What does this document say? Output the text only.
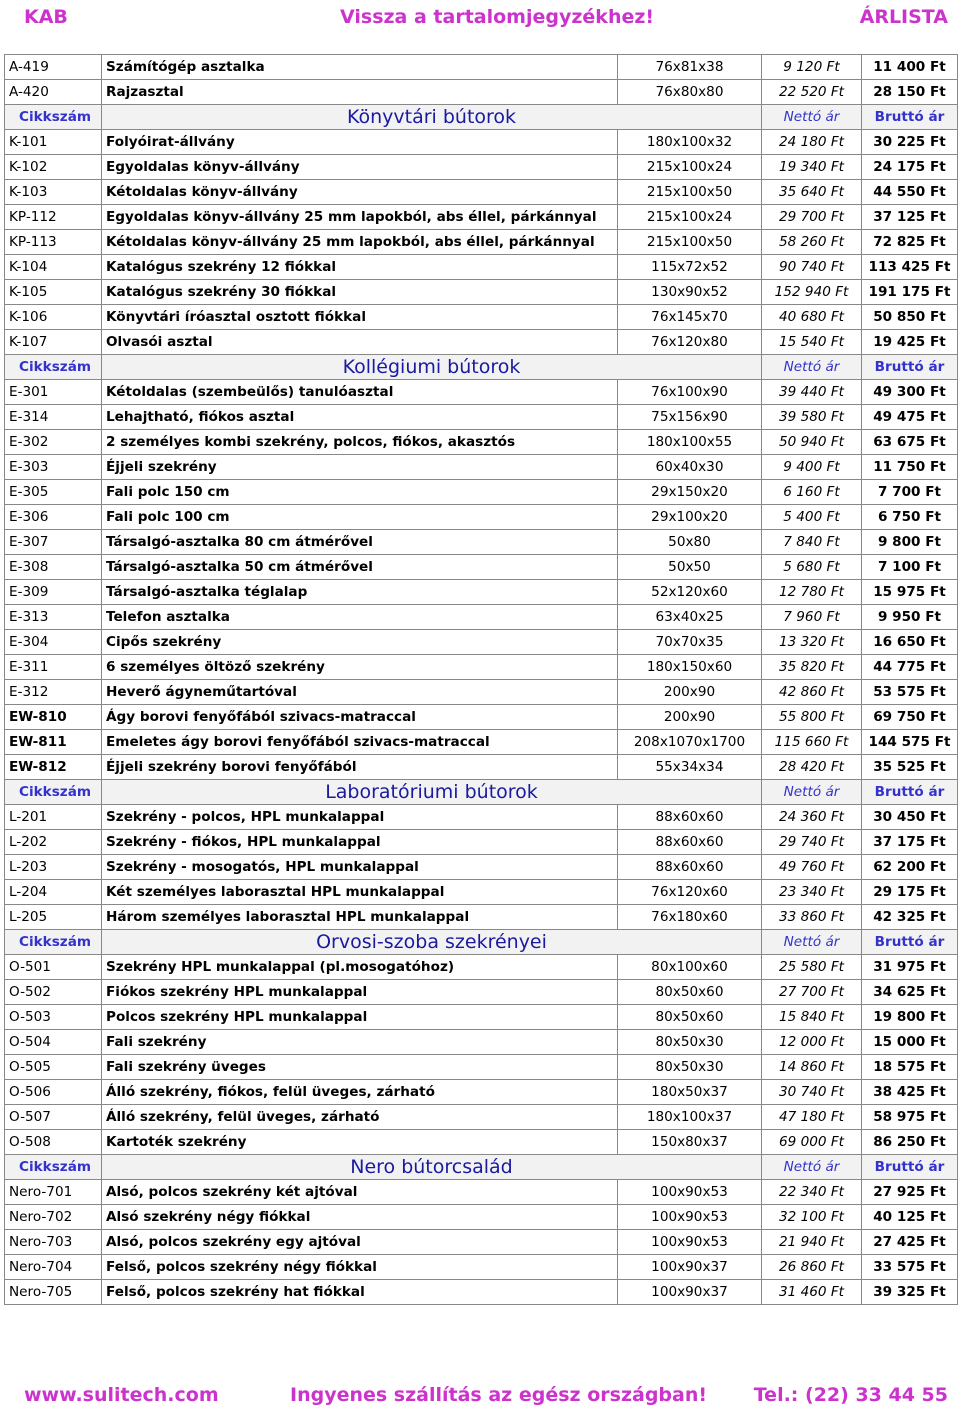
KAB	Vissza a tartalomjegyzékhez!	ÁRLISTA
A-419	Számítógép asztalka	76x81x38	9 120 Ft	11 400 Ft
A-420	Rajzasztal	76x80x80	22 520 Ft	28 150 Ft
Cikkszám	Könyvtári bútorok		Nettó ár	Bruttó ár
K-101	Folyóirat-állvány	180x100x32	24 180 Ft	30 225 Ft
K-102	Egyoldalas könyv-állvány	215x100x24	19 340 Ft	24 175 Ft
K-103	Kétoldalas könyv-állvány	215x100x50	35 640 Ft	44 550 Ft
KP-112	Egyoldalas könyv-állvány 25 mm lapokból, abs éllel, párkánnyal	215x100x24	29 700 Ft	37 125 Ft
KP-113	Kétoldalas könyv-állvány 25 mm lapokból, abs éllel, párkánnyal	215x100x50	58 260 Ft	72 825 Ft
K-104	Katalógus szekrény 12 fiókkal	115x72x52	90 740 Ft	113 425 Ft
K-105	Katalógus szekrény 30 fiókkal	130x90x52	152 940 Ft	191 175 Ft
K-106	Könyvtári íróasztal osztott fiókkal	76x145x70	40 680 Ft	50 850 Ft
K-107	Olvasói asztal	76x120x80	15 540 Ft	19 425 Ft
Cikkszám	Kollégiumi bútorok		Nettó ár	Bruttó ár
E-301	Kétoldalas (szembeülős) tanulóasztal	76x100x90	39 440 Ft	49 300 Ft
E-314	Lehajtható, fiókos asztal	75x156x90	39 580 Ft	49 475 Ft
E-302	2 személyes kombi szekrény, polcos, fiókos, akasztós	180x100x55	50 940 Ft	63 675 Ft
E-303	Éjjeli szekrény	60x40x30	9 400 Ft	11 750 Ft
E-305	Fali polc 150 cm	29x150x20	6 160 Ft	7 700 Ft
E-306	Fali polc 100 cm	29x100x20	5 400 Ft	6 750 Ft
E-307	Társalgó-asztalka 80 cm átmérővel	50x80	7 840 Ft	9 800 Ft
E-308	Társalgó-asztalka 50 cm átmérővel	50x50	5 680 Ft	7 100 Ft
E-309	Társalgó-asztalka téglalap	52x120x60	12 780 Ft	15 975 Ft
E-313	Telefon asztalka	63x40x25	7 960 Ft	9 950 Ft
E-304	Cipős szekrény	70x70x35	13 320 Ft	16 650 Ft
E-311	6 személyes öltöző szekrény	180x150x60	35 820 Ft	44 775 Ft
E-312	Heverő ágyneműtartóval	200x90	42 860 Ft	53 575 Ft
EW-810	Ágy borovi fenyőfából szivacs-matraccal	200x90	55 800 Ft	69 750 Ft
EW-811	Emeletes ágy borovi fenyőfából szivacs-matraccal	208x1070x1700	115 660 Ft	144 575 Ft
EW-812	Éjjeli szekrény borovi fenyőfából	55x34x34	28 420 Ft	35 525 Ft
Cikkszám	Laboratóriumi bútorok		Nettó ár	Bruttó ár
L-201	Szekrény - polcos, HPL munkalappal	88x60x60	24 360 Ft	30 450 Ft
L-202	Szekrény - fiókos, HPL munkalappal	88x60x60	29 740 Ft	37 175 Ft
L-203	Szekrény - mosogatós, HPL munkalappal	88x60x60	49 760 Ft	62 200 Ft
L-204	Két személyes laborasztal HPL munkalappal	76x120x60	23 340 Ft	29 175 Ft
L-205	Három személyes laborasztal HPL munkalappal	76x180x60	33 860 Ft	42 325 Ft
Cikkszám	Orvosi-szoba szekrényei		Nettó ár	Bruttó ár
O-501	Szekrény HPL munkalappal (pl.mosogatóhoz)	80x100x60	25 580 Ft	31 975 Ft
O-502	Fiókos szekrény HPL munkalappal	80x50x60	27 700 Ft	34 625 Ft
O-503	Polcos szekrény HPL munkalappal	80x50x60	15 840 Ft	19 800 Ft
O-504	Fali szekrény	80x50x30	12 000 Ft	15 000 Ft
O-505	Fali szekrény üveges	80x50x30	14 860 Ft	18 575 Ft
O-506	Álló szekrény, fiókos, felül üveges, zárható	180x50x37	30 740 Ft	38 425 Ft
O-507	Álló szekrény, felül üveges, zárható	180x100x37	47 180 Ft	58 975 Ft
O-508	Kartoték szekrény	150x80x37	69 000 Ft	86 250 Ft
Cikkszám	Nero bútorcsalád		Nettó ár	Bruttó ár
Nero-701	Alsó, polcos szekrény két ajtóval	100x90x53	22 340 Ft	27 925 Ft
Nero-702	Alsó szekrény négy fiókkal	100x90x53	32 100 Ft	40 125 Ft
Nero-703	Alsó, polcos szekrény egy ajtóval	100x90x53	21 940 Ft	27 425 Ft
Nero-704	Felső, polcos szekrény négy fiókkal	100x90x37	26 860 Ft	33 575 Ft
Nero-705	Felső, polcos szekrény hat fiókkal	100x90x37	31 460 Ft	39 325 Ft
www.sulitech.com	Ingyenes szállítás az egész országban! Tel.: (22) 33 44 55
